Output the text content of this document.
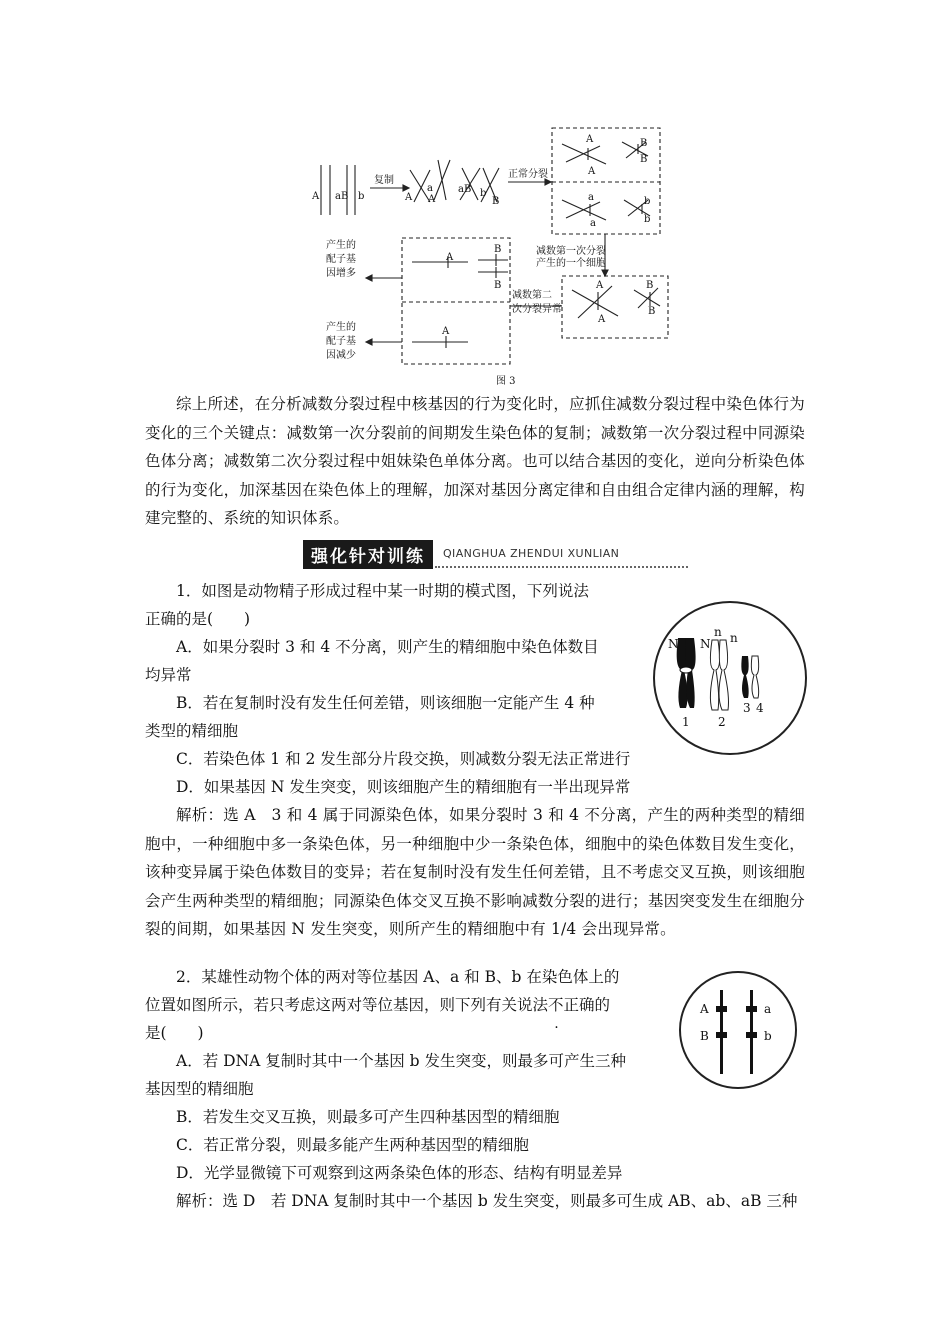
A aB b
复制
A A
a	aB b
B
正常分裂
A
A
B
B
a
a
b
b
减数第一次分裂
产生的一个细胞
A
A
B
B
减数第二
次分裂异常
A
B
B
A
产生的
配子基
因增多
产生的
配子基
因减少
图 3
综上所述，在分析减数分裂过程中核基因的行为变化时，应抓住减数分裂过程中染色体行为变化的三个关键点：减数第一次分裂前的间期发生染色体的复制；减数第一次分裂过程中同源染色体分离；减数第二次分裂过程中姐妹染色单体分离。也可以结合基因的变化，逆向分析染色体的行为变化，加深基因在染色体上的理解，加深对基因分离定律和自由组合定律内涵的理解，构建完整的、系统的知识体系。
强化针对训练	QIANGHUA ZHENDUI XUNLIAN
1．如图是动物精子形成过程中某一时期的模式图，下列说法
正确的是(　　)
A．如果分裂时 3 和 4 不分离，则产生的精细胞中染色体数目
均异常
B．若在复制时没有发生任何差错，则该细胞一定能产生 4 种
类型的精细胞
C．若染色体 1 和 2 发生部分片段交换，则减数分裂无法正常进行
D．如果基因 N 发生突变，则该细胞产生的精细胞有一半出现异常
解析：选 A　3 和 4 属于同源染色体，如果分裂时 3 和 4 不分离，产生的两种类型的精细胞中，一种细胞中多一条染色体，另一种细胞中少一条染色体，细胞中的染色体数目发生变化，该种变异属于染色体数目的变异；若在复制时没有发生任何差错，且不考虑交叉互换，则该细胞会产生两种类型的精细胞；同源染色体交叉互换不影响减数分裂的进行；基因突变发生在细胞分裂的间期，如果基因 N 发生突变，则所产生的精细胞中有 1/4 会出现异常。
N N
n n
1 2
3 4
2．某雄性动物个体的两对等位基因 A、a 和 B、b 在染色体上的
位置如图所示，若只考虑这两对等位基因，则下列有关说法不正确的
是(　　)
A．若 DNA 复制时其中一个基因 b 发生突变，则最多可产生三种
基因型的精细胞
B．若发生交叉互换，则最多可产生四种基因型的精细胞
C．若正常分裂，则最多能产生两种基因型的精细胞
D．光学显微镜下可观察到这两条染色体的形态、结构有明显差异
解析：选 D　若 DNA 复制时其中一个基因 b 发生突变，则最多可生成 AB、ab、aB 三种
A	a
B	b
